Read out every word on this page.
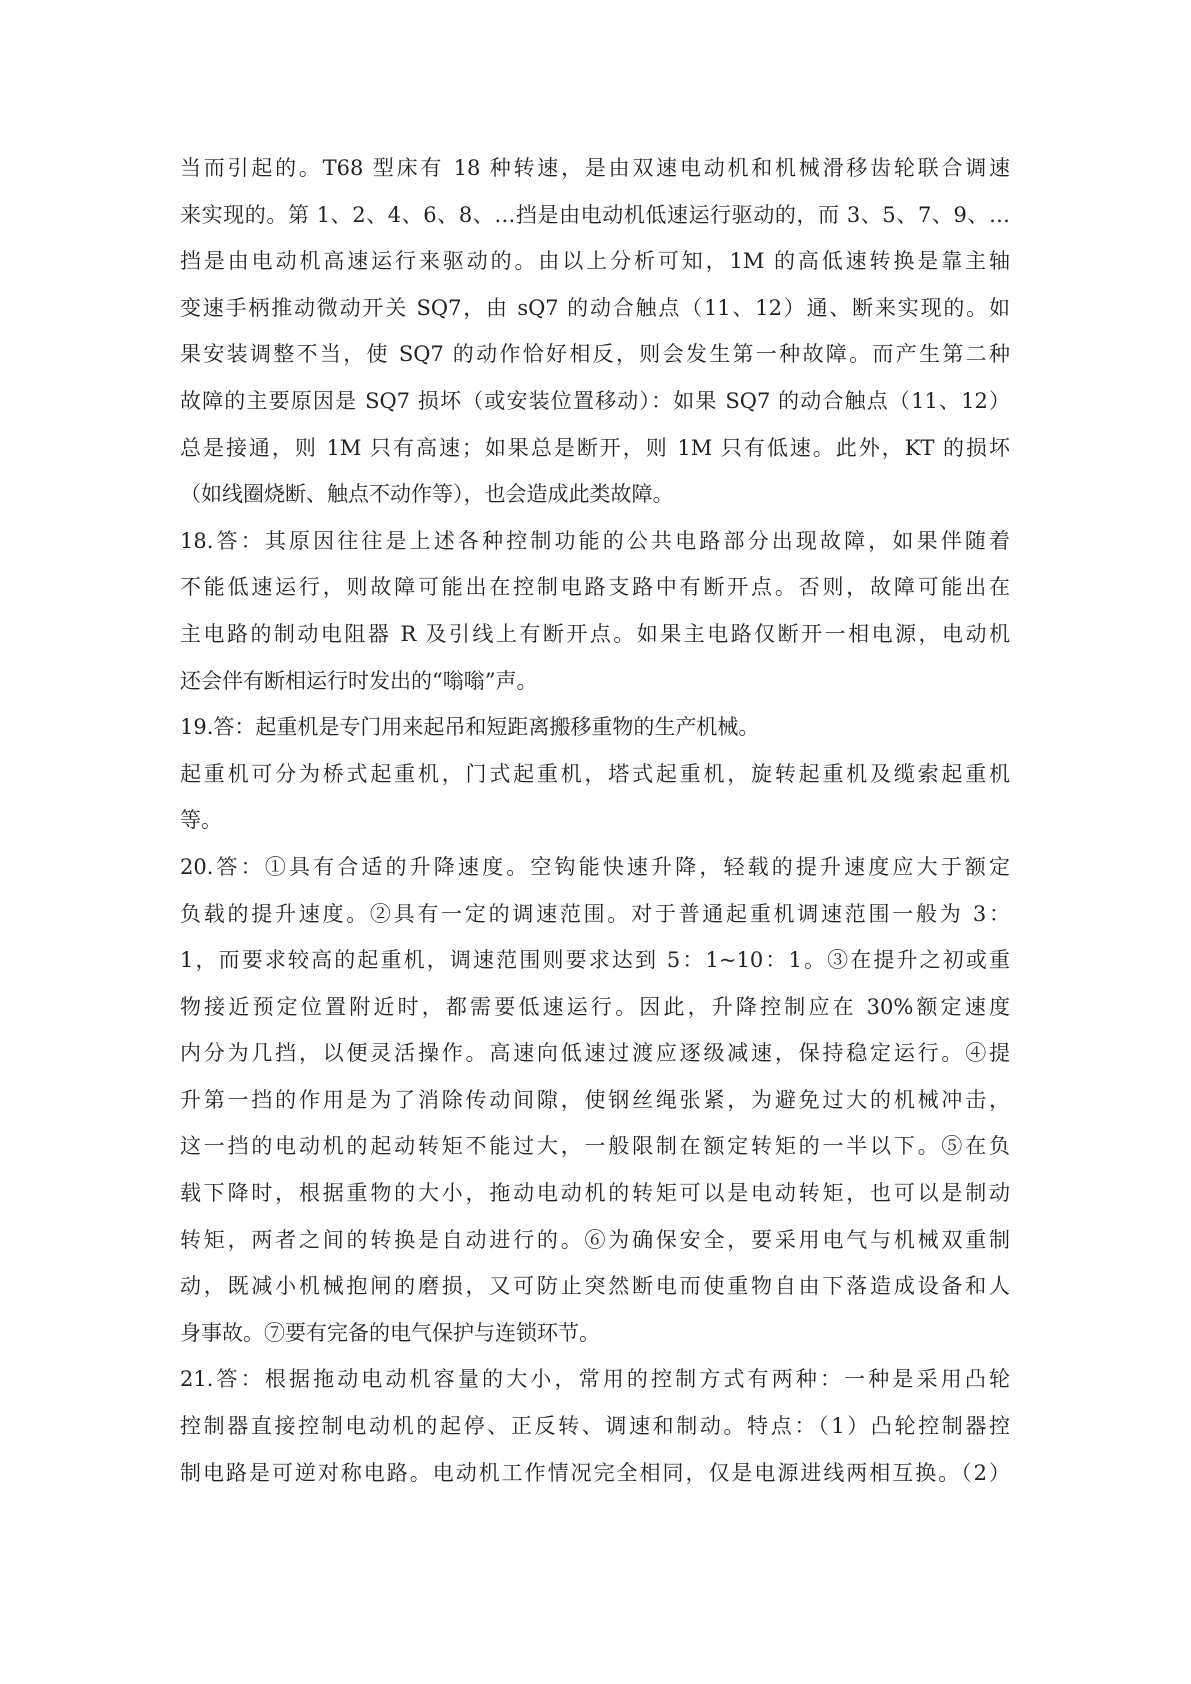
当而引起的。T68 型床有 18 种转速，是由双速电动机和机械滑移齿轮联合调速
来实现的。第 1、2、4、6、8、…挡是由电动机低速运行驱动的，而 3、5、7、9、…
挡是由电动机高速运行来驱动的。由以上分析可知，1M 的高低速转换是靠主轴
变速手柄推动微动开关 SQ7，由 sQ7 的动合触点（11、12）通、断来实现的。如
果安装调整不当，使 SQ7 的动作恰好相反，则会发生第一种故障。而产生第二种
故障的主要原因是 SQ7 损坏（或安装位置移动）：如果 SQ7 的动合触点（11、12）
总是接通，则 1M 只有高速；如果总是断开，则 1M 只有低速。此外，KT 的损坏
（如线圈烧断、触点不动作等），也会造成此类故障。
18.答：其原因往往是上述各种控制功能的公共电路部分出现故障，如果伴随着
不能低速运行，则故障可能出在控制电路支路中有断开点。否则，故障可能出在
主电路的制动电阻器 R 及引线上有断开点。如果主电路仅断开一相电源，电动机
还会伴有断相运行时发出的“嗡嗡”声。
19.答：起重机是专门用来起吊和短距离搬移重物的生产机械。
起重机可分为桥式起重机，门式起重机，塔式起重机，旋转起重机及缆索起重机
等。
20.答：①具有合适的升降速度。空钩能快速升降，轻载的提升速度应大于额定
负载的提升速度。②具有一定的调速范围。对于普通起重机调速范围一般为 3：
1，而要求较高的起重机，调速范围则要求达到 5：1~10：1。③在提升之初或重
物接近预定位置附近时，都需要低速运行。因此，升降控制应在 30%额定速度
内分为几挡，以便灵活操作。高速向低速过渡应逐级减速，保持稳定运行。④提
升第一挡的作用是为了消除传动间隙，使钢丝绳张紧，为避免过大的机械冲击，
这一挡的电动机的起动转矩不能过大，一般限制在额定转矩的一半以下。⑤在负
载下降时，根据重物的大小，拖动电动机的转矩可以是电动转矩，也可以是制动
转矩，两者之间的转换是自动进行的。⑥为确保安全，要采用电气与机械双重制
动，既减小机械抱闸的磨损，又可防止突然断电而使重物自由下落造成设备和人
身事故。⑦要有完备的电气保护与连锁环节。
21.答：根据拖动电动机容量的大小，常用的控制方式有两种：一种是采用凸轮
控制器直接控制电动机的起停、正反转、调速和制动。特点：（1）凸轮控制器控
制电路是可逆对称电路。电动机工作情况完全相同，仅是电源进线两相互换。（2）
